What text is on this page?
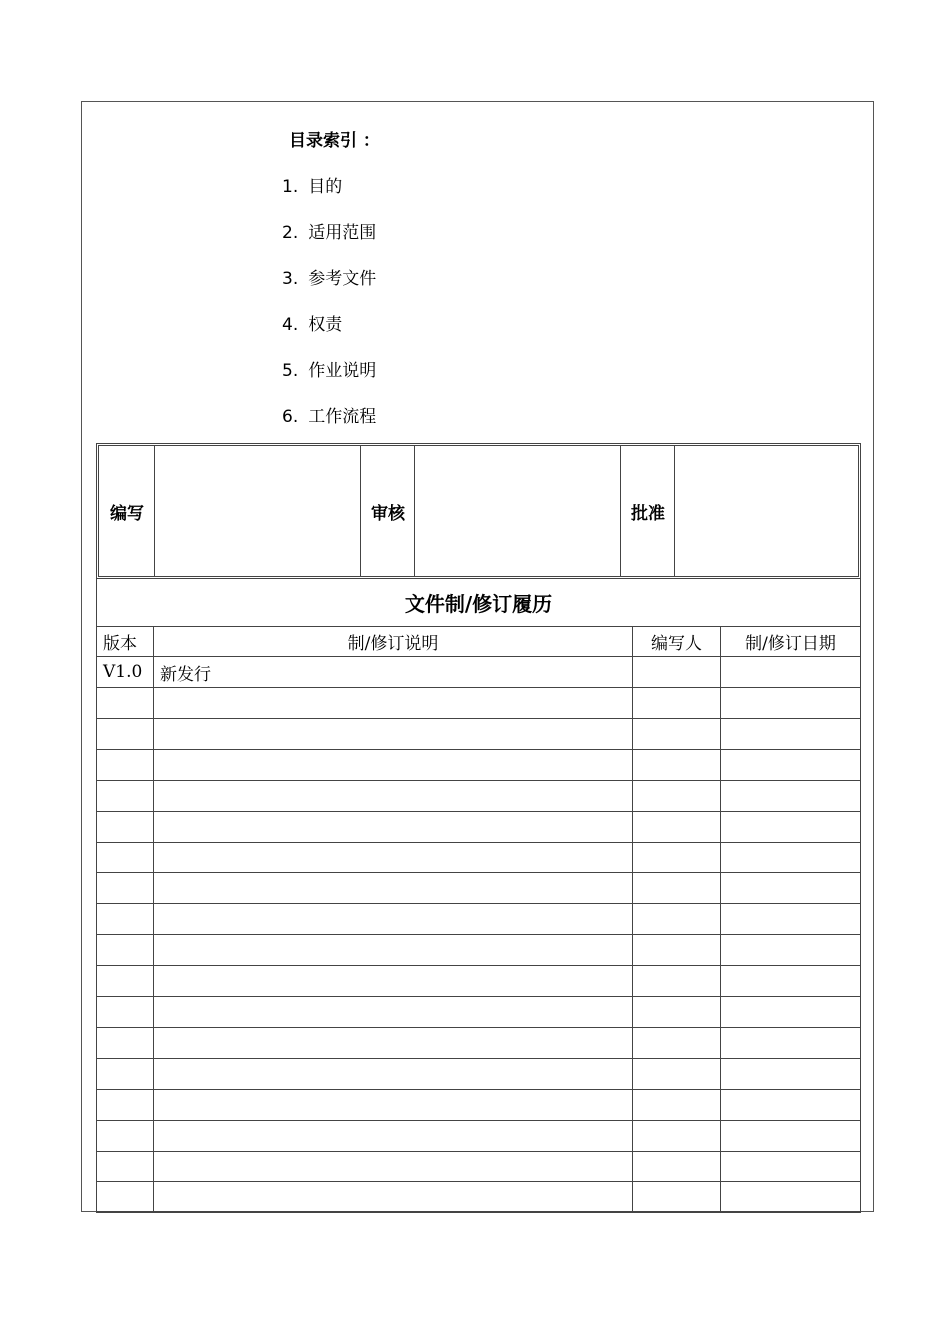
目录索引 ：
1. 目的
2. 适用范围
3. 参考文件
4. 权责
5. 作业说明
6. 工作流程
编写	审核	批准
文件制/修订履历
版本	制/修订说明	编写人	制/修订日期
V1.0	新发行
